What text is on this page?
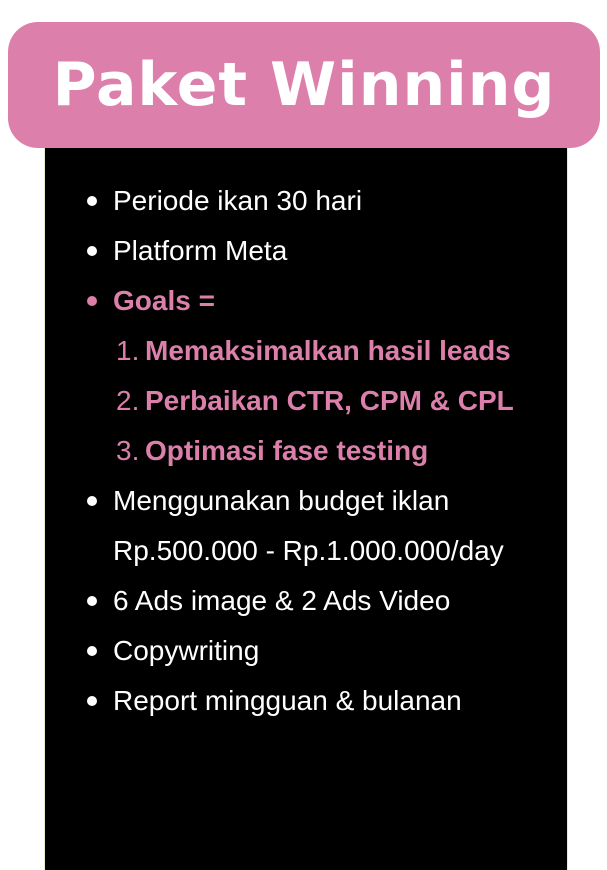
Paket Winning
Periode ikan 30 hari
Platform Meta
Goals =
1. Memaksimalkan hasil leads
2. Perbaikan CTR, CPM & CPL
3. Optimasi fase testing
Menggunakan budget iklan
Rp.500.000 - Rp.1.000.000/day
6 Ads image & 2 Ads Video
Copywriting
Report mingguan & bulanan
